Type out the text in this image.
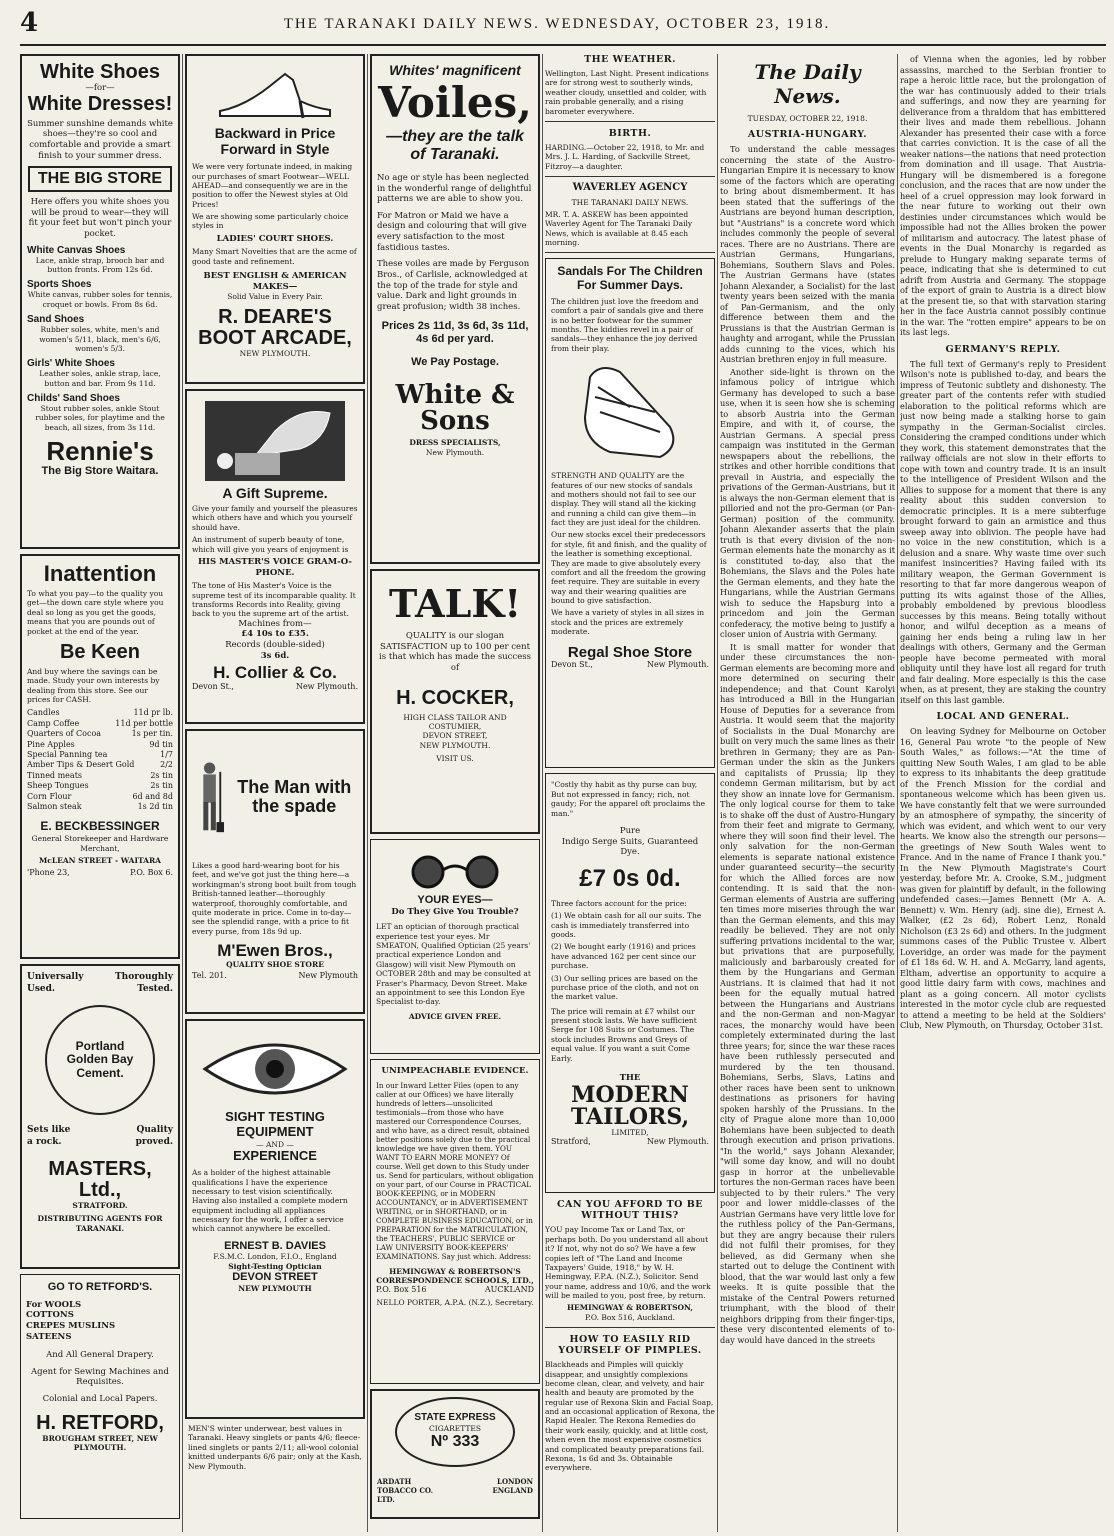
4	THE TARANAKI DAILY NEWS. WEDNESDAY, OCTOBER 23, 1918.
White Shoes
—for—
White Dresses!
Summer sunshine demands white shoes—they're so cool and comfortable and provide a smart finish to your summer dress.
THE BIG STORE
Here offers you white shoes you will be proud to wear—they will fit your feet but won't pinch your pocket.
White Canvas Shoes
Lace, ankle strap, brooch bar and button fronts. From 12s 6d.
Sports Shoes
White canvas, rubber soles for tennis, croquet or bowls. From 8s 6d.
Sand Shoes
Rubber soles, white, men's and women's 5/11, black, men's 6/6, women's 5/3.
Girls' White Shoes
Leather soles, ankle strap, lace, button and bar. From 9s 11d.
Childs' Sand Shoes
Stout rubber soles, ankle Stout rubber soles, for playtime and the beach, all sizes, from 3s 11d.
Rennie's
The Big Store Waitara.
Inattention
To what you pay—to the quality you get—the down care style where you deal so long as you get the goods, means that you are pounds out of pocket at the end of the year.
Be Keen
And buy where the savings can be made. Study your own interests by dealing from this store. See our prices for CASH.
Candles	11d pr lb.
Camp Coffee	11d per bottle
Quarters of Cocoa	1s per tin.
Pine Apples	9d tin
Special Panning tea	1/7
Amber Tips & Desert Gold	2/2
Tinned meats	2s tin
Sheep Tongues	2s tin
Corn Flour	6d and 8d
Salmon steak	1s 2d tin
E. BECKBESSINGER
General Storekeeper and Hardware Merchant,
McLEAN STREET - WAITARA
'Phone 23,	P.O. Box 6.
Universally	Thoroughly
Used.	Tested.
Portland Golden Bay Cement.
Sets like	Quality
a rock.	proved.
MASTERS, Ltd.,
STRATFORD.
DISTRIBUTING AGENTS FOR TARANAKI.
GO TO RETFORD'S.
For WOOLS COTTONS CREPES MUSLINS SATEENS
And All General Drapery.
Agent for Sewing Machines and Requisites.
Colonial and Local Papers.
H. RETFORD,
BROUGHAM STREET, NEW PLYMOUTH.
Backward in Price
Forward in Style
We were very fortunate indeed, in making our purchases of smart Footwear—WELL AHEAD—and consequently we are in the position to offer the Newest styles at Old Prices!
We are showing some particularly choice styles in
LADIES' COURT SHOES.
Many Smart Novelties that are the acme of good taste and refinement.
BEST ENGLISH & AMERICAN MAKES—
Solid Value in Every Pair.
R. DEARE'S BOOT ARCADE,
NEW PLYMOUTH.
A Gift Supreme.
Give your family and yourself the pleasures which others have and which you yourself should have.
An instrument of superb beauty of tone, which will give you years of enjoyment is
HIS MASTER'S VOICE GRAM-O-PHONE.
The tone of His Master's Voice is the supreme test of its incomparable quality. It transforms Records into Reality, giving back to you the supreme art of the artist.
Machines from—
£4 10s to £35.
Records (double-sided)
3s 6d.
H. Collier & Co.
Devon St.,	New Plymouth.
The Man with the spade
Likes a good hard-wearing boot for his feet, and we've got just the thing here—a workingman's strong boot built from tough British-tanned leather—thoroughly waterproof, thoroughly comfortable, and quite moderate in price. Come in to-day—see the splendid range, with a price to fit every purse, from 18s 9d up.
M'Ewen Bros.,
QUALITY SHOE STORE
Tel. 201.	New Plymouth
SIGHT TESTING
EQUIPMENT
— AND —
EXPERIENCE
As a holder of the highest attainable qualifications I have the experience necessary to test vision scientifically. Having also installed a complete modern equipment including all appliances necessary for the work, I offer a service which cannot anywhere be excelled.
ERNEST B. DAVIES
F.S.M.C. London, F.I.O., England
Sight-Testing Optician
DEVON STREET
NEW PLYMOUTH
MEN'S winter underwear, best values in Taranaki. Heavy singlets or pants 4/6; fleece-lined singlets or pants 2/11; all-wool colonial knitted underpants 6/6 pair; only at the Kash, New Plymouth.
Whites' magnificent
Voiles,
—they are the talk of Taranaki.
No age or style has been neglected in the wonderful range of delightful patterns we are able to show you.
For Matron or Maid we have a design and colouring that will give every satisfaction to the most fastidious tastes.
These voiles are made by Ferguson Bros., of Carlisle, acknowledged at the top of the trade for style and value. Dark and light grounds in great profusion; width 38 inches.
Prices 2s 11d, 3s 6d, 3s 11d, 4s 6d per yard.
We Pay Postage.
White & Sons
DRESS SPECIALISTS,
New Plymouth.
TALK!
QUALITY is our slogan SATISFACTION up to 100 per cent is that which has made the success of
H. COCKER,
HIGH CLASS TAILOR AND COSTUMIER,
DEVON STREET,
NEW PLYMOUTH.
VISIT US.
YOUR EYES—
Do They Give You Trouble?
LET an optician of thorough practical experience test your eyes. Mr SMEATON, Qualified Optician (25 years' practical experience London and Glasgow) will visit New Plymouth on OCTOBER 28th and may be consulted at Fraser's Pharmacy, Devon Street. Make an appointment to see this London Eye Specialist to-day.
ADVICE GIVEN FREE.
UNIMPEACHABLE EVIDENCE.
In our Inward Letter Files (open to any caller at our Offices) we have literally hundreds of letters—unsolicited testimonials—from those who have mastered our Correspondence Courses, and who have, as a direct result, obtained better positions solely due to the practical knowledge we have given them. YOU WANT TO EARN MORE MONEY? Of course. Well get down to this Study under us. Send for particulars, without obligation on your part, of our Course in PRACTICAL BOOK-KEEPING, or in MODERN ACCOUNTANCY, or in ADVERTISEMENT WRITING, or in SHORTHAND, or in COMPLETE BUSINESS EDUCATION, or in PREPARATION for the MATRICULATION, the TEACHERS', PUBLIC SERVICE or LAW UNIVERSITY BOOK-KEEPERS' EXAMINATIONS. Say just which. Address:
HEMINGWAY & ROBERTSON'S CORRESPONDENCE SCHOOLS, LTD.,
P.O. Box 516	AUCKLAND
NELLO PORTER, A.P.A. (N.Z.), Secretary.
STATE EXPRESS
CIGARETTES
Nº 333
ARDATH TOBACCO CO. LTD.
LONDON ENGLAND
THE WEATHER.
Wellington, Last Night. Present indications are for strong west to southerly winds, weather cloudy, unsettled and colder, with rain probable generally, and a rising barometer everywhere.
BIRTH.
HARDING.—October 22, 1918, to Mr. and Mrs. J. L. Harding, of Sackville Street, Fitzroy—a daughter.
WAVERLEY AGENCY
THE TARANAKI DAILY NEWS.
MR. T. A. ASKEW has been appointed Waverley Agent for The Taranaki Daily News, which is available at 8.45 each morning.
Sandals For The Children For Summer Days.
The children just love the freedom and comfort a pair of sandals give and there is no better footwear for the summer months. The kiddies revel in a pair of sandals—they enhance the joy derived from their play.
STRENGTH AND QUALITY are the features of our new stocks of sandals and mothers should not fail to see our display. They will stand all the kicking and running a child can give them—in fact they are just ideal for the children.
Our new stocks excel their predecessors for style, fit and finish, and the quality of the leather is something exceptional. They are made to give absolutely every comfort and all the freedom the growing feet require. They are suitable in every way and their wearing qualities are bound to give satisfaction.
We have a variety of styles in all sizes in stock and the prices are extremely moderate.
Regal Shoe Store
Devon St.,	New Plymouth.
"Costly thy habit as thy purse can buy, But not expressed in fancy; rich, not gaudy; For the apparel oft proclaims the man."
Pure
Indigo Serge Suits, Guaranteed Dye.
£7 0s 0d.
Three factors account for the price:
(1) We obtain cash for all our suits. The cash is immediately transferred into goods.
(2) We bought early (1916) and prices have advanced 162 per cent since our purchase.
(3) Our selling prices are based on the purchase price of the cloth, and not on the market value.
The price will remain at £7 whilst our present stock lasts. We have sufficient Serge for 108 Suits or Costumes. The stock includes Browns and Greys of equal value. If you want a suit Come Early.
THE
MODERN TAILORS,
LIMITED,
Stratford,	New Plymouth.
CAN YOU AFFORD TO BE WITHOUT THIS?
YOU pay Income Tax or Land Tax, or perhaps both. Do you understand all about it? If not, why not do so? We have a few copies left of "The Land and Income Taxpayers' Guide, 1918," by W. H. Hemingway, F.P.A. (N.Z.), Solicitor. Send your name, address and 10/6, and the work will be mailed to you, post free, by return.
HEMINGWAY & ROBERTSON,
P.O. Box 516, Auckland.
HOW TO EASILY RID YOURSELF OF PIMPLES.
Blackheads and Pimples will quickly disappear, and unsightly complexions become clean, clear, and velvety, and hair health and beauty are promoted by the regular use of Rexona Skin and Facial Soap, and an occasional application of Rexona, the Rapid Healer. The Rexona Remedies do their work easily, quickly, and at little cost, when even the most expensive cosmetics and complicated beauty preparations fail. Rexona, 1s 6d and 3s. Obtainable everywhere.
The Daily News.
TUESDAY, OCTOBER 22, 1918.
AUSTRIA-HUNGARY.

To understand the cable messages concerning the state of the Austro-Hungarian Empire it is necessary to know some of the factors which are operating to bring about dismemberment. It has been stated that the sufferings of the Austrians are beyond human description, but "Austrians" is a concrete word which includes commonly the people of several races. There are no Austrians. There are Austrian Germans, Hungarians, Bohemians, Southern Slavs and Poles. The Austrian Germans have (states Johann Alexander, a Socialist) for the last twenty years been seized with the mania of Pan-Germanism, and the only difference between them and the Prussians is that the Austrian German is haughty and arrogant, while the Prussian adds cunning to the vices, which his Austrian brethren enjoy in full measure.

Another side-light is thrown on the infamous policy of intrigue which Germany has developed to such a base use, when it is seen how she is scheming to absorb Austria into the German Empire, and with it, of course, the Austrian Germans. A special press campaign was instituted in the German newspapers about the rebellions, the strikes and other horrible conditions that prevail in Austria, and especially the privations of the German-Austrians, but it is always the non-German element that is pilloried and not the pro-German (or Pan-German) position of the community. Johann Alexander asserts that the plain truth is that every division of the non-German elements hate the monarchy as it is constituted to-day, also that the Bohemians, the Slavs and the Poles hate the German elements, and they hate the Hungarians, while the Austrian Germans wish to seduce the Hapsburg into a princedom and join the German confederacy, the motive being to justify a closer union of Austria with Germany.

It is small matter for wonder that under these circumstances the non-German elements are becoming more and more determined on securing their independence; and that Count Karolyi has introduced a Bill in the Hungarian House of Deputies for a severance from Austria. It would seem that the majority of Socialists in the Dual Monarchy are built on very much the same lines as their brethren in Germany; they are as Pan-German under the skin as the Junkers and capitalists of Prussia; lip they condemn German militarism, but by act they show an innate love for Germanism. The only logical course for them to take is to shake off the dust of Austro-Hungary from their feet and migrate to Germany, where they will soon find their level. The only salvation for the non-German elements is separate national existence under guaranteed security—the security for which the Allied forces are now contending. It is said that the non-German elements of Austria are suffering ten times more miseries through the war than the German elements, and this may readily be believed. They are not only suffering privations incidental to the war, but privations that are purposefully, maliciously and barbarously created for them by the Hungarians and German Austrians. It is claimed that had it not been for the equally mutual hatred between the Hungarians and Austrians and the non-German and non-Magyar races, the monarchy would have been completely exterminated during the last three years; for, since the war these races have been ruthlessly persecuted and murdered by the ten thousand. Bohemians, Serbs, Slavs, Latins and other races have been sent to unknown destinations as prisoners for having spoken harshly of the Prussians. In the city of Prague alone more than 10,000 Bohemians have been subjected to death through execution and prison privations. "In the world," says Johann Alexander, "will some day know, and will no doubt gasp in horror at the unbelievable tortures the non-German races have been subjected to by their rulers." The very poor and lower middle-classes of the Austrian Germans have very little love for the ruthless policy of the Pan-Germans, but they are angry because their rulers did not fulfil their promises, for they believed, as did Germany when she started out to deluge the Continent with blood, that the war would last only a few weeks. It is quite possible that the mistake of the Central Powers returned triumphant, with the blood of their neighbors dripping from their finger-tips, these very discontented elements of to-day would have danced in the streets

of Vienna when the agonies, led by robber assassins, marched to the Serbian frontier to rape a heroic little race, but the prolongation of the war has continuously added to their trials and sufferings, and now they are yearning for deliverance from a thraldom that has embittered their lives and made them rebellious. Johann Alexander has presented their case with a force that carries conviction. It is the case of all the weaker nations—the nations that need protection from domination and ill usage. That Austria-Hungary will be dismembered is a foregone conclusion, and the races that are now under the heel of a cruel oppression may look forward in the near future to working out their own destinies under circumstances which would be impossible had not the Allies broken the power of militarism and autocracy. The latest phase of events in the Dual Monarchy is regarded as prelude to Hungary making separate terms of peace, indicating that she is determined to cut adrift from Austria and Germany. The stoppage of the export of grain to Austria is a direct blow at the present tie, so that with starvation staring her in the face Austria cannot possibly continue in the war. The "rotten empire" appears to be on its last legs.

GERMANY'S REPLY.

The full text of Germany's reply to President Wilson's note is published to-day, and bears the impress of Teutonic subtlety and dishonesty. The greater part of the contents refer with studied elaboration to the political reforms which are just now being made a stalking horse to gain sympathy in the German-Socialist circles. Considering the cramped conditions under which they work, this statement demonstrates that the railway officials are not slow in their efforts to cope with town and country trade. It is an insult to the intelligence of President Wilson and the Allies to suppose for a moment that there is any reality about this sudden conversion to democratic principles. It is a mere subterfuge brought forward to gain an armistice and thus sweep away into oblivion. The people have had no voice in the new constitution, which is a delusion and a snare. Why waste time over such manifest insincerities? Having failed with its military weapon, the German Government is resorting to that far more dangerous weapon of putting its wits against those of the Allies, probably emboldened by previous bloodless successes by this means. Being totally without honor, and wilful deception as a means of gaining her ends being a ruling law in her dealings with others, Germany and the German people have become permeated with moral obliquity until they have lost all regard for truth and fair dealing. More especially is this the case when, as at present, they are staking the country itself on this last gamble.

LOCAL AND GENERAL.

On leaving Sydney for Melbourne on October 16, General Pau wrote "to the people of New South Wales," as follows:—"At the time of quitting New South Wales, I am glad to be able to express to its inhabitants the deep gratitude of the French Mission for the cordial and spontaneous welcome which has been given us. We have constantly felt that we were surrounded by an atmosphere of sympathy, the sincerity of which was evident, and which went to our very hearts. We know also the strength our persons—the greetings of New South Wales went to France. And in the name of France I thank you." In the New Plymouth Magistrate's Court yesterday, before Mr. A. Crooke, S.M., judgment was given for plaintiff by default, in the following undefended cases:—James Bennett (Mr A. A. Bennett) v. Wm. Henry (adj. sine die), Ernest A. Walker, (£2 2s 6d), Robert Lenz, Ronald Nicholson (£3 2s 6d) and others. In the judgment summons cases of the Public Trustee v. Albert Loveridge, an order was made for the payment of £1 18s 6d. W. H. and A. McGarry, land agents, Eltham, advertise an opportunity to acquire a good little dairy farm with cows, machines and plant as a going concern. All motor cyclists interested in the motor cycle club are requested to attend a meeting to be held at the Soldiers' Club, New Plymouth, on Thursday, October 31st.
